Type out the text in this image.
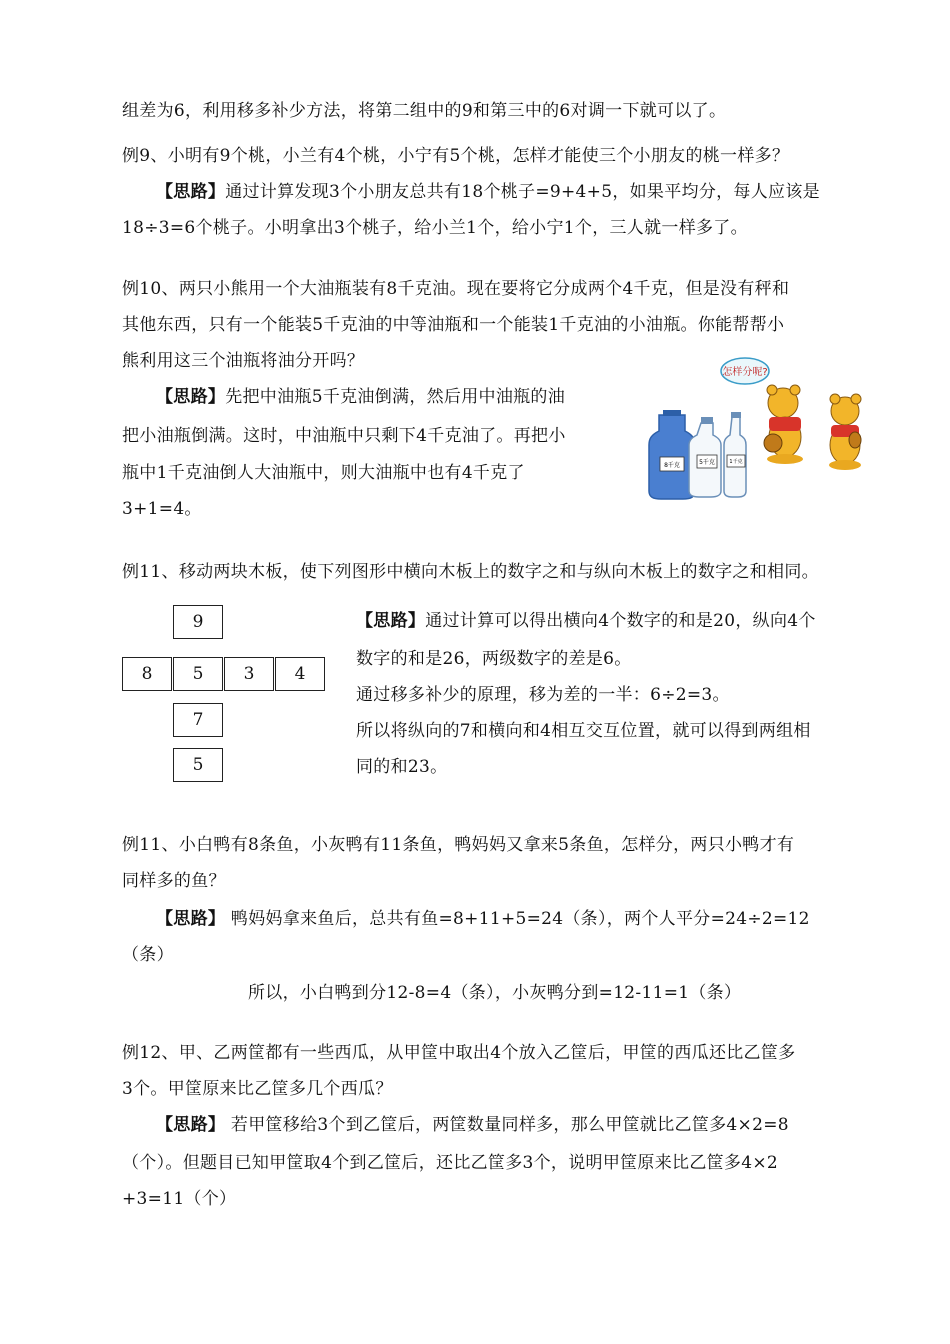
组差为6，利用移多补少方法，将第二组中的9和第三中的6对调一下就可以了。
例9、小明有9个桃，小兰有4个桃，小宁有5个桃，怎样才能使三个小朋友的桃一样多？
【思路】通过计算发现3个小朋友总共有18个桃子=9+4+5，如果平均分，每人应该是
18÷3=6个桃子。小明拿出3个桃子，给小兰1个，给小宁1个，三人就一样多了。
例10、两只小熊用一个大油瓶装有8千克油。现在要将它分成两个4千克，但是没有秤和
其他东西，只有一个能装5千克油的中等油瓶和一个能装1千克油的小油瓶。你能帮帮小
熊利用这三个油瓶将油分开吗？
【思路】先把中油瓶5千克油倒满，然后用中油瓶的油
把小油瓶倒满。这时，中油瓶中只剩下4千克油了。再把小
瓶中1千克油倒人大油瓶中，则大油瓶中也有4千克了
3+1=4。
怎样分呢?
8千克	5千克	1千克
例11、移动两块木板，使下列图形中横向木板上的数字之和与纵向木板上的数字之和相同。
9
8	5	3	4
7
5
【思路】通过计算可以得出横向4个数字的和是20，纵向4个
数字的和是26，两级数字的差是6。
通过移多补少的原理，移为差的一半：6÷2=3。
所以将纵向的7和横向和4相互交互位置，就可以得到两组相
同的和23。
例11、小白鸭有8条鱼，小灰鸭有11条鱼，鸭妈妈又拿来5条鱼，怎样分，两只小鸭才有
同样多的鱼？
【思路】 鸭妈妈拿来鱼后，总共有鱼=8+11+5=24（条），两个人平分=24÷2=12
（条）
所以，小白鸭到分12-8=4（条），小灰鸭分到=12-11=1（条）
例12、甲、乙两筐都有一些西瓜，从甲筐中取出4个放入乙筐后，甲筐的西瓜还比乙筐多
3个。甲筐原来比乙筐多几个西瓜？
【思路】 若甲筐移给3个到乙筐后，两筐数量同样多，那么甲筐就比乙筐多4×2=8
（个）。但题目已知甲筐取4个到乙筐后，还比乙筐多3个，说明甲筐原来比乙筐多4×2
+3=11（个）
